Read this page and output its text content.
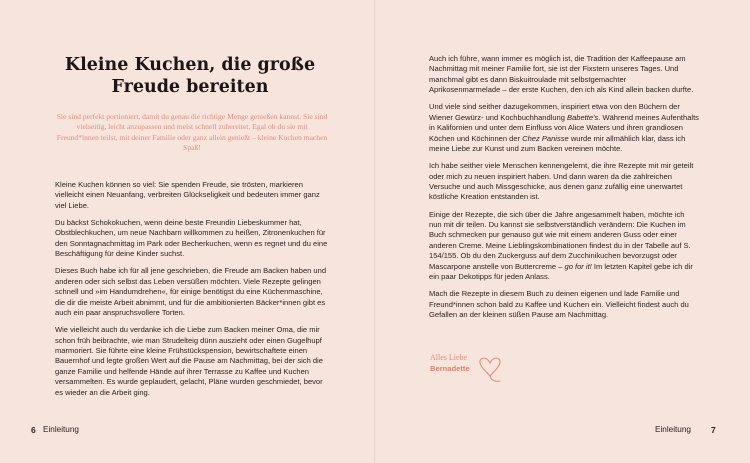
Kleine Kuchen, die große Freude bereiten

Sie sind perfekt portioniert, damit du genau die richtige Menge genießen kannst. Sie sind vielseitig, leicht anzupassen und meist schnell zubereitet. Egal ob du sie mit Freund*innen teilst, mit deiner Familie oder ganz allein genießt – kleine Kuchen machen Spaß!

Kleine Kuchen können so viel: Sie spenden Freude, sie trösten, markieren vielleicht einen Neuanfang, verbreiten Glückseligkeit und bedeuten immer ganz viel Liebe.

Du bäckst Schokokuchen, wenn deine beste Freundin Liebeskummer hat, Obstblechkuchen, um neue Nachbarn willkommen zu heißen, Zitronenkuchen für den Sonntagnachmittag im Park oder Becherkuchen, wenn es regnet und du eine Beschäftigung für deine Kinder suchst.

Dieses Buch habe ich für all jene geschrieben, die Freude am Backen haben und anderen oder sich selbst das Leben versüßen möchten. Viele Rezepte gelingen schnell und »im Handumdrehen«, für einige benötigst du eine Küchenmaschine, die dir die meiste Arbeit abnimmt, und für die ambitionierten Bäcker*innen gibt es auch ein paar anspruchsvollere Torten.

Wie vielleicht auch du verdanke ich die Liebe zum Backen meiner Oma, die mir schon früh beibrachte, wie man Strudelteig dünn auszieht oder einen Gugelhupf marmoriert. Sie führte eine kleine Frühstückspension, bewirtschaftete einen Bauernhof und legte großen Wert auf die Pause am Nachmittag, bei der sich die ganze Familie und helfende Hände auf ihrer Terrasse zu Kaffee und Kuchen versammelten. Es wurde geplaudert, gelacht, Pläne wurden geschmiedet, bevor es wieder an die Arbeit ging.

6 Einleitung

Auch ich führe, wann immer es möglich ist, die Tradition der Kaffeepause am Nachmittag mit meiner Familie fort, sie ist der Fixstern unseres Tages. Und manchmal gibt es dann Biskuitroulade mit selbstgemachter Aprikosenmarmelade – der erste Kuchen, den ich als Kind allein backen durfte.

Und viele sind seither dazugekommen, inspiriert etwa von den Büchern der Wiener Gewürz- und Kochbuchhandlung Babette's. Während meines Aufenthalts in Kalifornien und unter dem Einfluss von Alice Waters und ihren grandiosen Köchen und Köchinnen der Chez Panisse wurde mir allmählich klar, dass ich meine Liebe zur Kunst und zum Backen vereinen möchte.

Ich habe seither viele Menschen kennengelernt, die ihre Rezepte mit mir geteilt oder mich zu neuen inspiriert haben. Und dann waren da die zahlreichen Versuche und auch Missgeschicke, aus denen ganz zufällig eine unerwartet köstliche Kreation entstanden ist.

Einige der Rezepte, die sich über die Jahre angesammelt haben, möchte ich nun mit dir teilen. Du kannst sie selbstverständlich verändern: Die Kuchen im Buch schmecken pur genauso gut wie mit einem anderen Guss oder einer anderen Creme. Meine Lieblingskombinationen findest du in der Tabelle auf S. 154/155. Ob du den Zuckerguss auf dem Zucchinikuchen bevorzugst oder Mascarpone anstelle von Buttercreme – go for it! Im letzten Kapitel gebe ich dir ein paar Dekotipps für jeden Anlass.

Mach die Rezepte in diesem Buch zu deinen eigenen und lade Familie und Freund*innen schon bald zu Kaffee und Kuchen ein. Vielleicht findest auch du Gefallen an der kleinen süßen Pause am Nachmittag.

Alles Liebe
Bernadette
Einleitung 7
